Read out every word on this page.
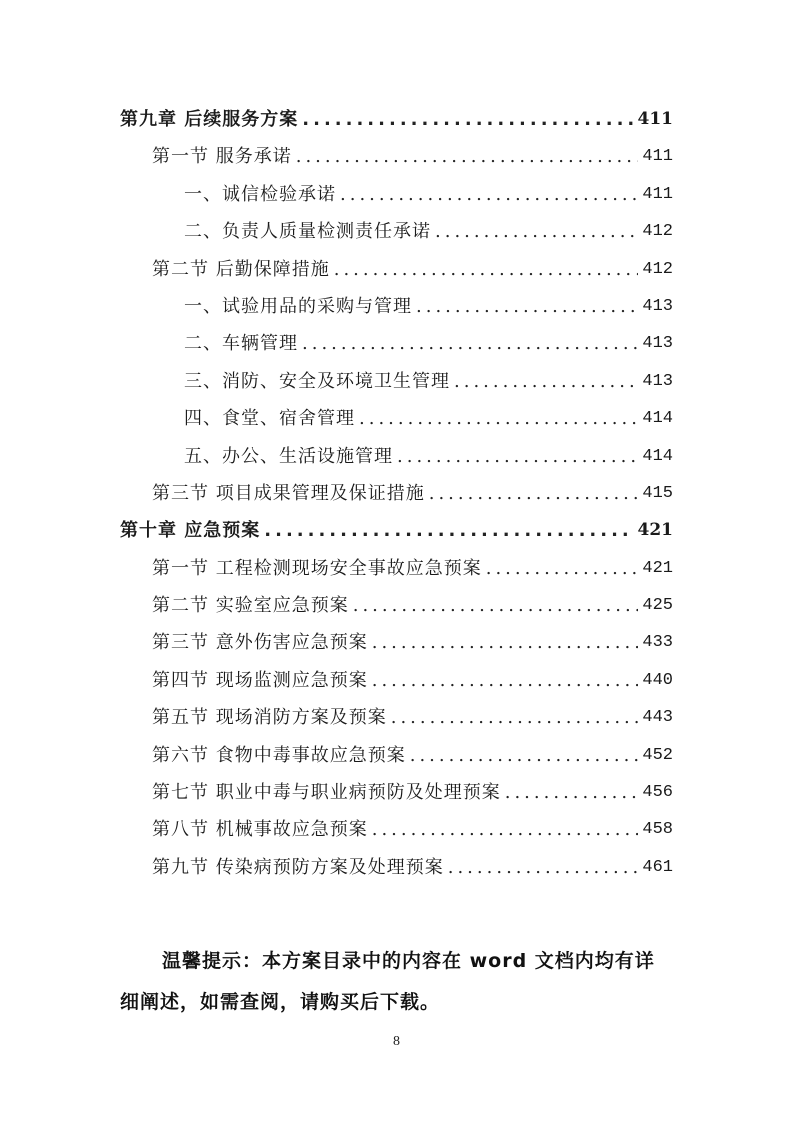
第九章 后续服务方案 .....	411
第一节 服务承诺 .....	411
一、诚信检验承诺 .....	411
二、负责人质量检测责任承诺 .....	412
第二节 后勤保障措施 .....	412
一、试验用品的采购与管理 .....	413
二、车辆管理 .....	413
三、消防、安全及环境卫生管理 .....	413
四、食堂、宿舍管理 .....	414
五、办公、生活设施管理 .....	414
第三节 项目成果管理及保证措施 .....	415
第十章 应急预案 .....	421
第一节 工程检测现场安全事故应急预案 .....	421
第二节 实验室应急预案 .....	425
第三节 意外伤害应急预案 .....	433
第四节 现场监测应急预案 .....	440
第五节 现场消防方案及预案 .....	443
第六节 食物中毒事故应急预案 .....	452
第七节 职业中毒与职业病预防及处理预案 .....	456
第八节 机械事故应急预案 .....	458
第九节 传染病预防方案及处理预案 .....	461

温馨提示：本方案目录中的内容在 word 文档内均有详细阐述，如需查阅，请购买后下载。

8
